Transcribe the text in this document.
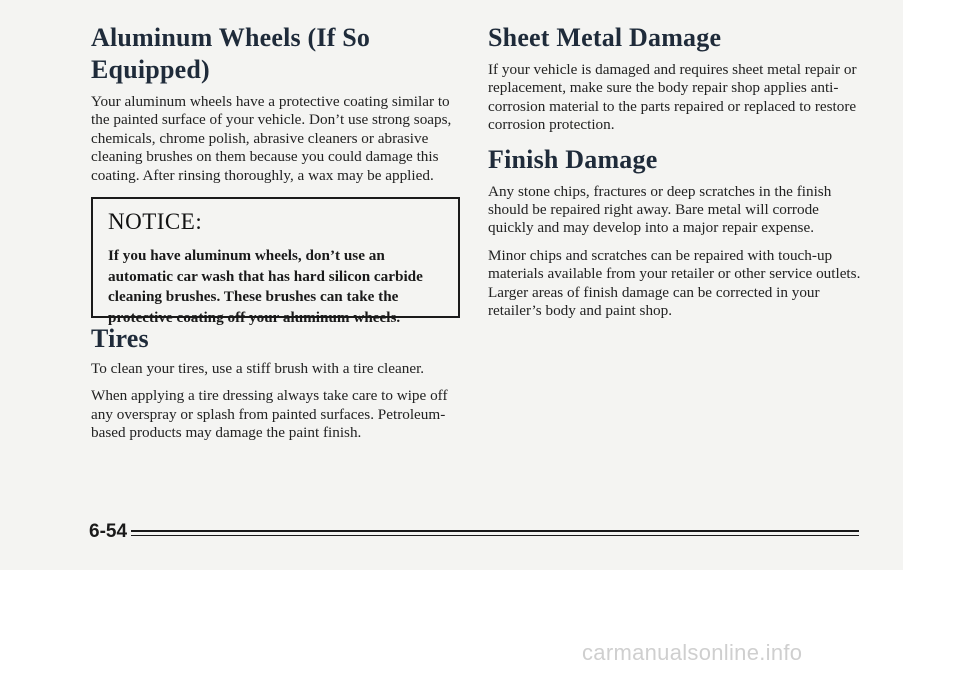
Aluminum Wheels (If So Equipped)

Your aluminum wheels have a protective coating similar to the painted surface of your vehicle. Don’t use strong soaps, chemicals, chrome polish, abrasive cleaners or abrasive cleaning brushes on them because you could damage this coating. After rinsing thoroughly, a wax may be applied.

NOTICE:
If you have aluminum wheels, don’t use an automatic car wash that has hard silicon carbide cleaning brushes. These brushes can take the protective coating off your aluminum wheels.
Tires

To clean your tires, use a stiff brush with a tire cleaner.

When applying a tire dressing always take care to wipe off any overspray or splash from painted surfaces. Petroleum-based products may damage the paint finish.

Sheet Metal Damage

If your vehicle is damaged and requires sheet metal repair or replacement, make sure the body repair shop applies anti-corrosion material to the parts repaired or replaced to restore corrosion protection.

Finish Damage

Any stone chips, fractures or deep scratches in the finish should be repaired right away. Bare metal will corrode quickly and may develop into a major repair expense.

Minor chips and scratches can be repaired with touch-up materials available from your retailer or other service outlets. Larger areas of finish damage can be corrected in your retailer’s body and paint shop.

6-54
carmanualsonline.info
